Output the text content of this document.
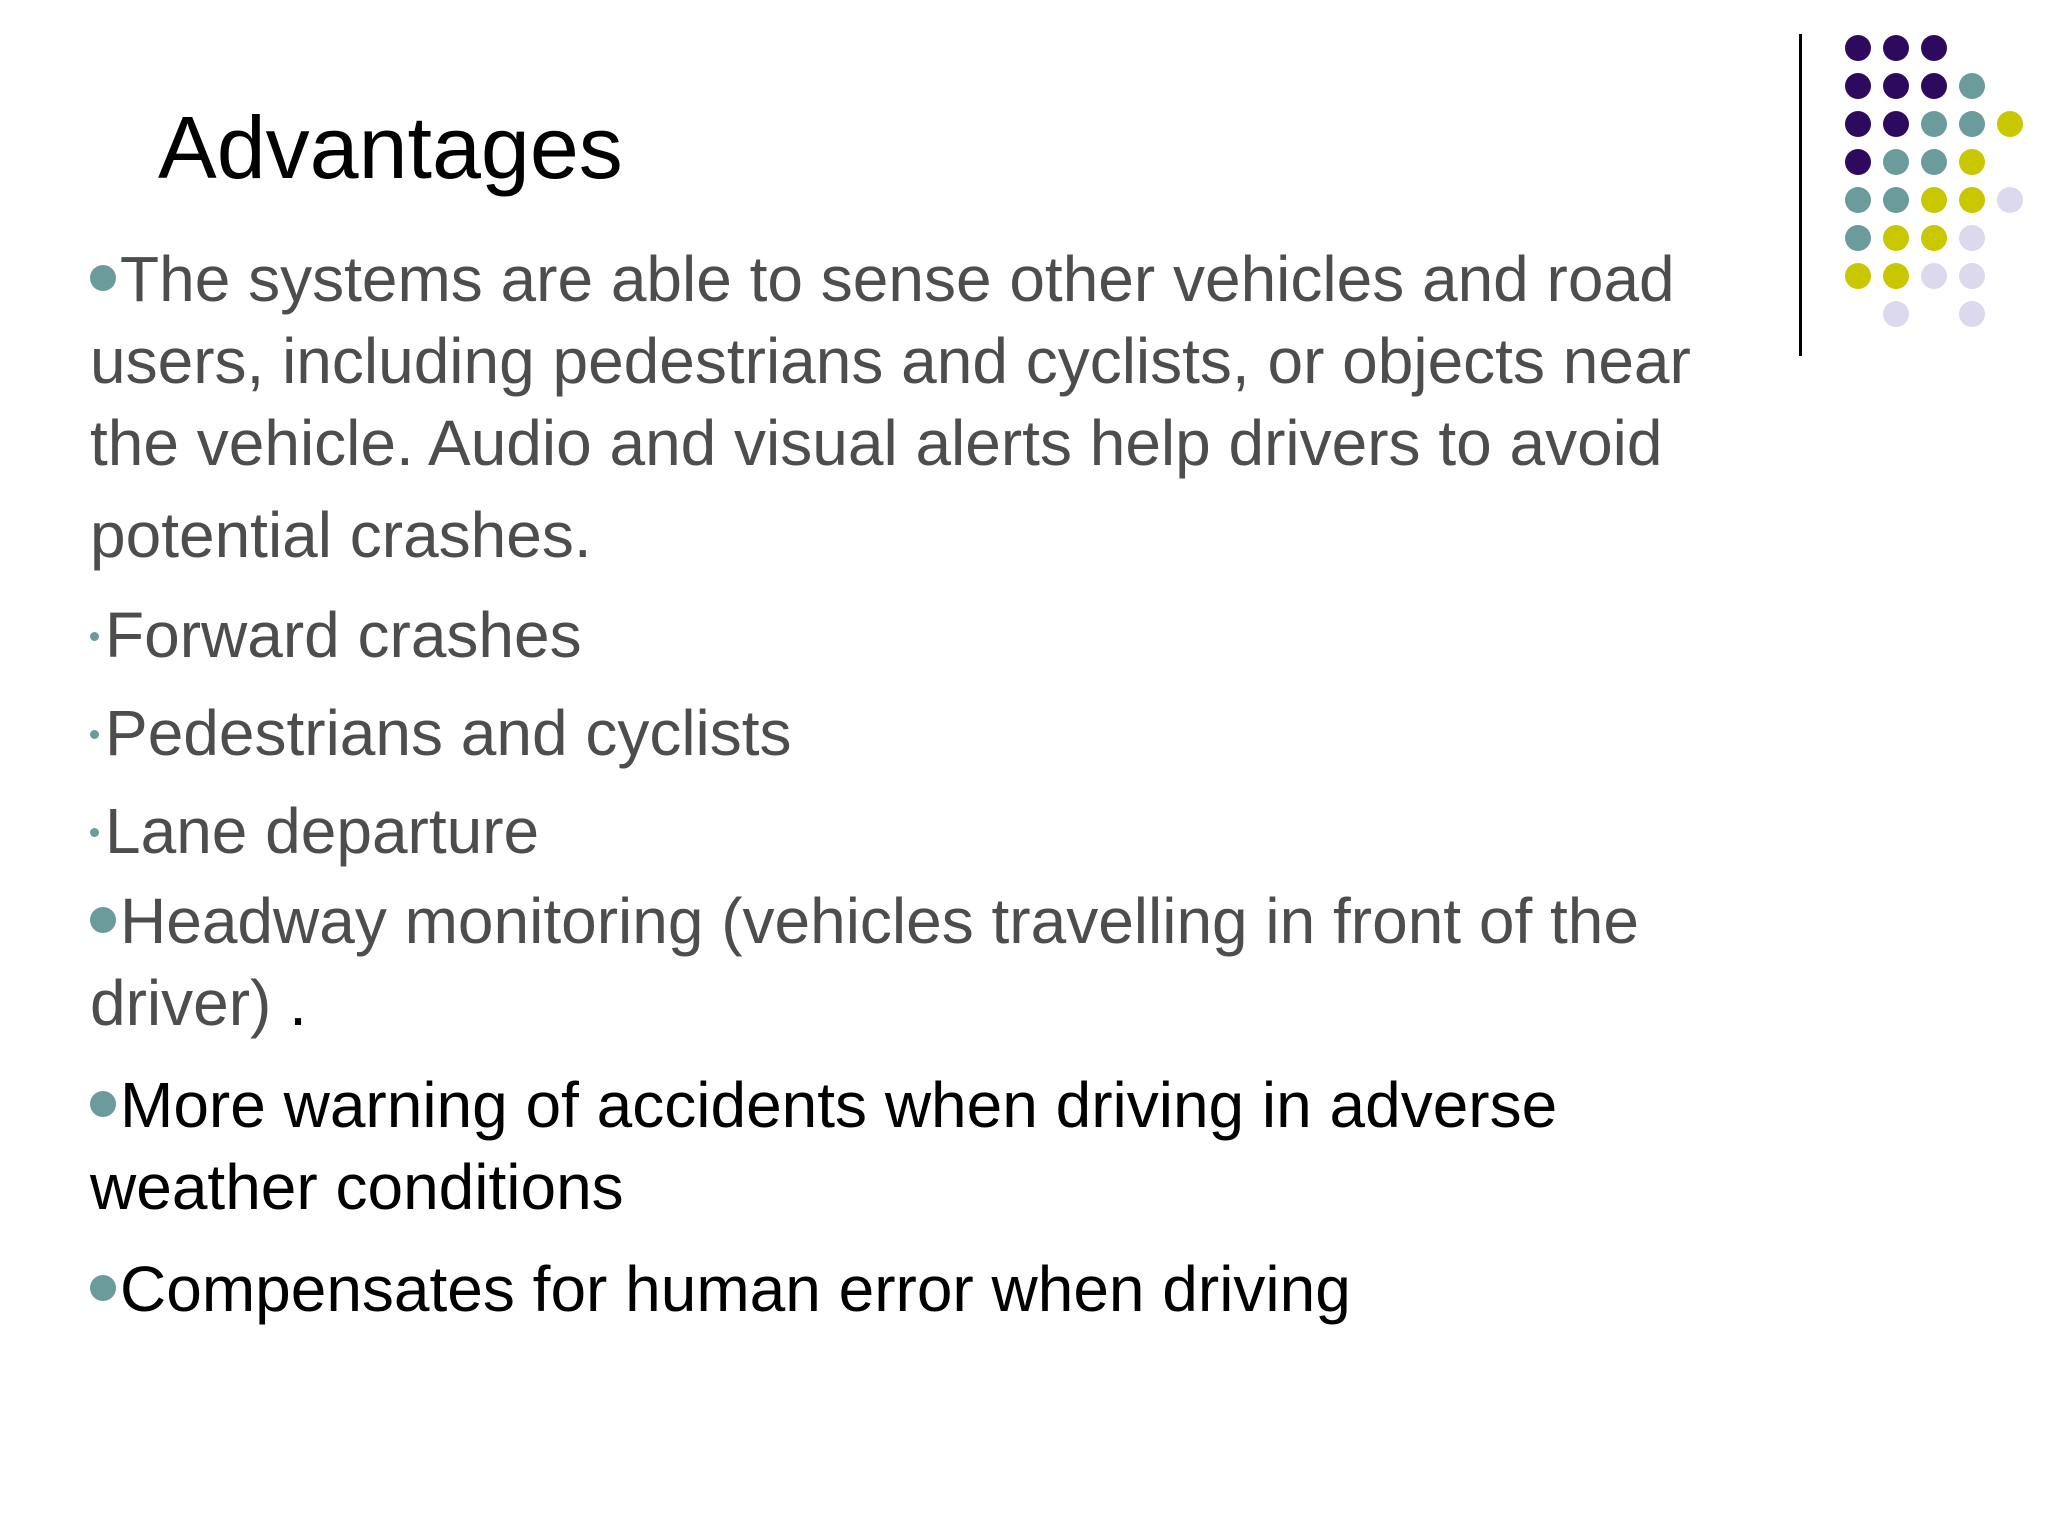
Advantages

The systems are able to sense other vehicles and road
users, including pedestrians and cyclists, or objects near
the vehicle. Audio and visual alerts help drivers to avoid
potential crashes.

Forward crashes

Pedestrians and cyclists

Lane departure

Headway monitoring (vehicles travelling in front of the
driver) .

More warning of accidents when driving in adverse
weather conditions

Compensates for human error when driving
